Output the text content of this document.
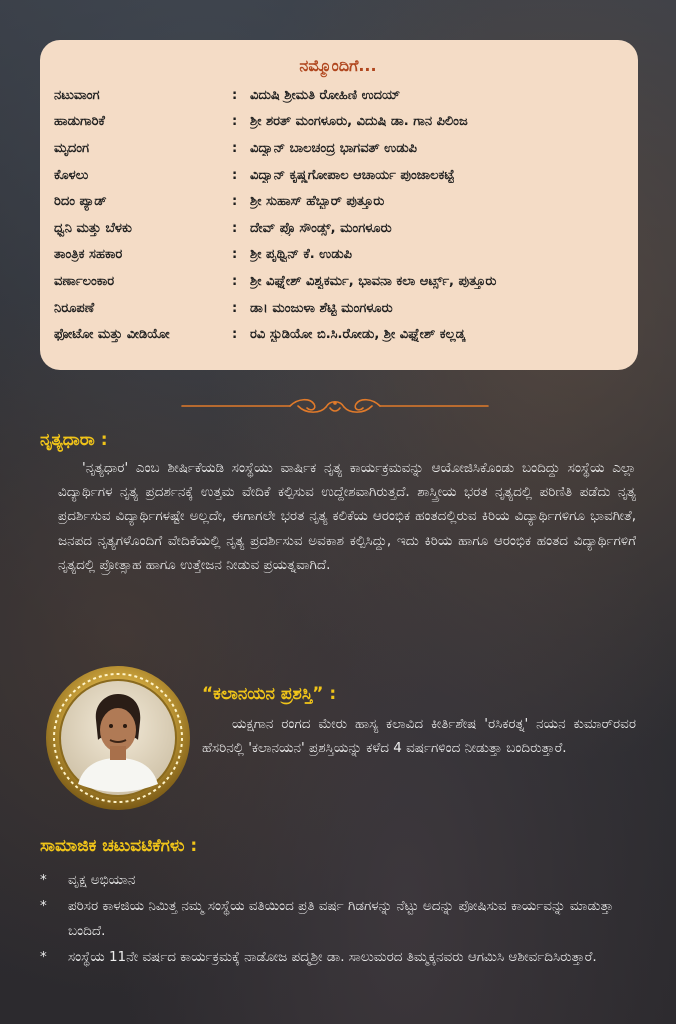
ನಮ್ಮೊಂದಿಗೆ...
ನಟುವಾಂಗ	: ವಿದುಷಿ ಶ್ರೀಮತಿ ರೋಹಿಣಿ ಉದಯ್
ಹಾಡುಗಾರಿಕೆ	: ಶ್ರೀ ಶರತ್ ಮಂಗಳೂರು, ವಿದುಷಿ ಡಾ. ಗಾನ ಪಿಲಿಂಜ
ಮೃದಂಗ	: ವಿದ್ವಾನ್ ಬಾಲಚಂದ್ರ ಭಾಗವತ್ ಉಡುಪಿ
ಕೊಳಲು	: ವಿದ್ವಾನ್ ಕೃಷ್ಣಗೋಪಾಲ ಆಚಾರ್ಯ ಪುಂಜಾಲಕಟ್ಟೆ
ರಿದಂ ಪ್ಯಾಡ್	: ಶ್ರೀ ಸುಹಾಸ್ ಹೆಬ್ಬಾರ್ ಪುತ್ತೂರು
ಧ್ವನಿ ಮತ್ತು ಬೆಳಕು	: ದೇವ್ ಪ್ರೊ ಸೌಂಡ್ಸ್, ಮಂಗಳೂರು
ತಾಂತ್ರಿಕ ಸಹಕಾರ	: ಶ್ರೀ ಪೃಥ್ವಿನ್ ಕೆ. ಉಡುಪಿ
ವರ್ಣಾಲಂಕಾರ	: ಶ್ರೀ ವಿಘ್ನೇಶ್ ವಿಶ್ವಕರ್ಮ, ಭಾವನಾ ಕಲಾ ಆರ್ಟ್ಸ್, ಪುತ್ತೂರು
ನಿರೂಪಣೆ	: ಡಾ। ಮಂಜುಳಾ ಶೆಟ್ಟಿ ಮಂಗಳೂರು
ಫೋಟೋ ಮತ್ತು ವೀಡಿಯೋ	: ರವಿ ಸ್ಟುಡಿಯೋ ಬಿ.ಸಿ.ರೋಡು, ಶ್ರೀ ವಿಘ್ನೇಶ್ ಕಲ್ಲಡ್ಕ
ನೃತ್ಯಧಾರಾ :
'ನೃತ್ಯಧಾರ' ಎಂಬ ಶೀರ್ಷಿಕೆಯಡಿ ಸಂಸ್ಥೆಯು ವಾರ್ಷಿಕ ನೃತ್ಯ ಕಾರ್ಯಕ್ರಮವನ್ನು ಆಯೋಜಿಸಿಕೊಂಡು ಬಂದಿದ್ದು ಸಂಸ್ಥೆಯ ಎಲ್ಲಾ ವಿದ್ಯಾರ್ಥಿಗಳ ನೃತ್ಯ ಪ್ರದರ್ಶನಕ್ಕೆ ಉತ್ತಮ ವೇದಿಕೆ ಕಲ್ಪಿಸುವ ಉದ್ದೇಶವಾಗಿರುತ್ತದೆ. ಶಾಸ್ತ್ರೀಯ ಭರತ ನೃತ್ಯದಲ್ಲಿ ಪರಿಣಿತಿ ಪಡೆದು ನೃತ್ಯ ಪ್ರದರ್ಶಿಸುವ ವಿದ್ಯಾರ್ಥಿಗಳಷ್ಟೇ ಅಲ್ಲದೇ, ಈಗಾಗಲೇ ಭರತ ನೃತ್ಯ ಕಲಿಕೆಯ ಆರಂಭಿಕ ಹಂತದಲ್ಲಿರುವ ಕಿರಿಯ ವಿದ್ಯಾರ್ಥಿಗಳಿಗೂ ಭಾವಗೀತೆ, ಜನಪದ ನೃತ್ಯಗಳೊಂದಿಗೆ ವೇದಿಕೆಯಲ್ಲಿ ನೃತ್ಯ ಪ್ರದರ್ಶಿಸುವ ಅವಕಾಶ ಕಲ್ಪಿಸಿದ್ದು, ಇದು ಕಿರಿಯ ಹಾಗೂ ಆರಂಭಿಕ ಹಂತದ ವಿದ್ಯಾರ್ಥಿಗಳಿಗೆ ನೃತ್ಯದಲ್ಲಿ ಪ್ರೋತ್ಸಾಹ ಹಾಗೂ ಉತ್ತೇಜನ ನೀಡುವ ಪ್ರಯತ್ನವಾಗಿದೆ.
“ಕಲಾನಯನ ಪ್ರಶಸ್ತಿ” :
ಯಕ್ಷಗಾನ ರಂಗದ ಮೇರು ಹಾಸ್ಯ ಕಲಾವಿದ ಕೀರ್ತಿಶೇಷ 'ರಸಿಕರತ್ನ' ನಯನ ಕುಮಾರ್‌ರವರ ಹೆಸರಿನಲ್ಲಿ 'ಕಲಾನಯನ' ಪ್ರಶಸ್ತಿಯನ್ನು ಕಳೆದ 4 ವರ್ಷಗಳಿಂದ ನೀಡುತ್ತಾ ಬಂದಿರುತ್ತಾರೆ.
ಸಾಮಾಜಿಕ ಚಟುವಟಿಕೆಗಳು :
*	ವೃಕ್ಷ ಅಭಿಯಾನ
*	ಪರಿಸರ ಕಾಳಜಿಯ ನಿಮಿತ್ತ ನಮ್ಮ ಸಂಸ್ಥೆಯ ವತಿಯಿಂದ ಪ್ರತಿ ವರ್ಷ ಗಿಡಗಳನ್ನು ನೆಟ್ಟು ಅದನ್ನು ಪೋಷಿಸುವ ಕಾರ್ಯವನ್ನು ಮಾಡುತ್ತಾ ಬಂದಿದೆ.
*	ಸಂಸ್ಥೆಯ 11ನೇ ವರ್ಷದ ಕಾರ್ಯಕ್ರಮಕ್ಕೆ ನಾಡೋಜ ಪದ್ಮಶ್ರೀ ಡಾ. ಸಾಲುಮರದ ತಿಮ್ಮಕ್ಕನವರು ಆಗಮಿಸಿ ಆಶೀರ್ವದಿಸಿರುತ್ತಾರೆ.
